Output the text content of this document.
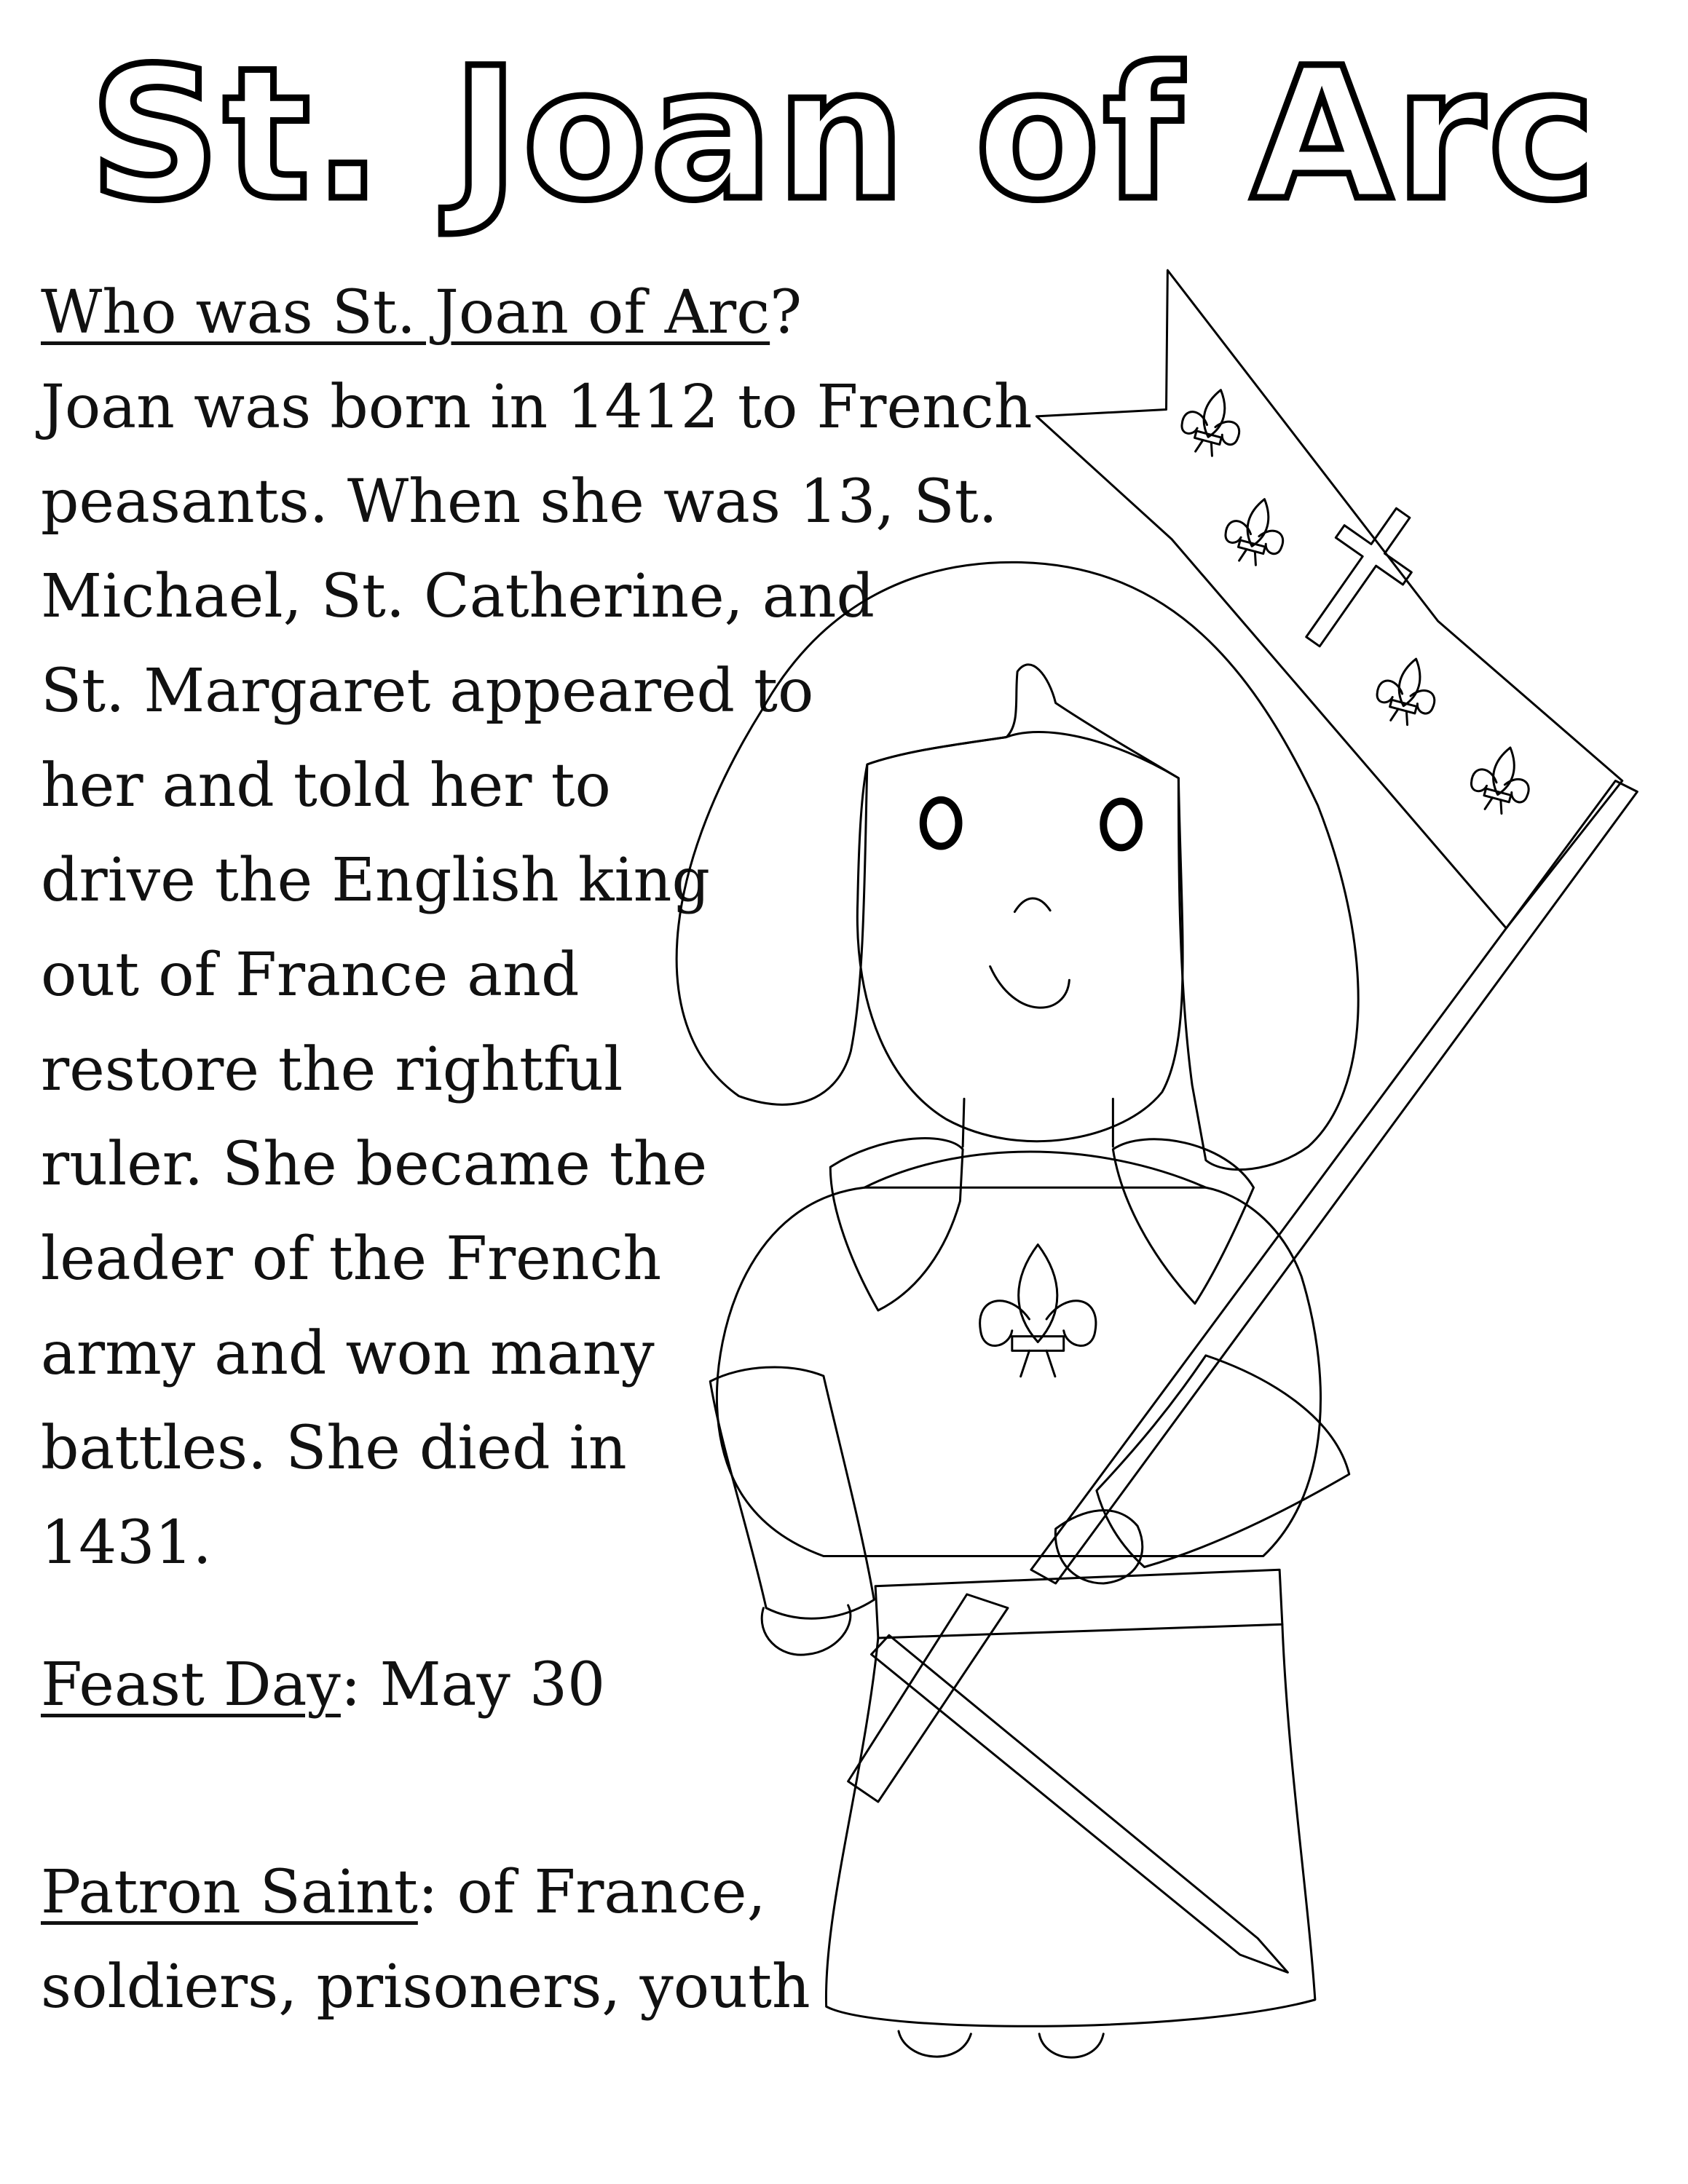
St. Joan of Arc
Who was St. Joan of Arc?
Joan was born in 1412 to French
peasants. When she was 13, St.
Michael, St. Catherine, and
St. Margaret appeared to
her and told her to
drive the English king
out of France and
restore the rightful
ruler. She became the
leader of the French
army and won many
battles. She died in
1431.
Feast Day: May 30
Patron Saint: of France,
soldiers, prisoners, youth
